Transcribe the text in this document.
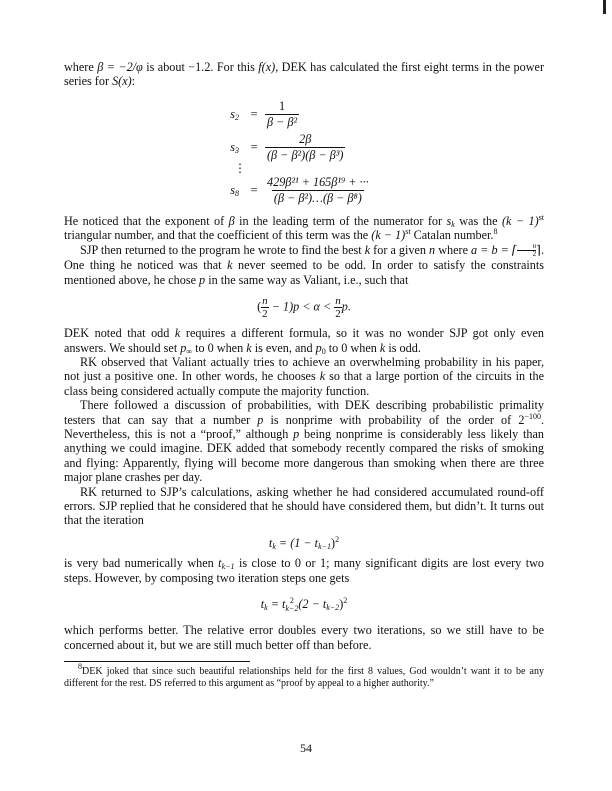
where β = −2/φ is about −1.2. For this f(x), DEK has calculated the first eight terms in the power series for S(x):

$s_2 = \frac{1}{\text{β − β²}}$
$s_3 = \frac{2\beta}{\text{(β − β²)(β − β³)}}$
⋮
$s_8 = \frac{\text{429β²¹ + 165β¹⁹ + ···}}{\text{(β − β²)…(β − β⁸)}}$

He noticed that the exponent of β in the leading term of the numerator for $s_k$ was the $(k - 1)^{st}$ triangular number, and that the coefficient of this term was the $(k - 1)^{st}$ Catalan number.$^8$

SJP then returned to the program he wrote to find the best k for a given n where a = b = ⌈ $\frac{n}{2}$ ⌉. One thing he noticed was that k never seemed to be odd. In order to satisfy the constraints mentioned above, he chose p in the same way as Valiant, i.e., such that

( $\frac{n}{2} - 1)p < \alpha < \frac{n}{2} p$.

DEK noted that odd k requires a different formula, so it was no wonder SJP got only even answers. We should set $p_\infty$ to 0 when k is even, and $p_0$ to 0 when k is odd.

RK observed that Valiant actually tries to achieve an overwhelming probability in his paper, not just a positive one. In other words, he chooses k so that a large portion of the circuits in the class being considered actually compute the majority function.

There followed a discussion of probabilities, with DEK describing probabilistic primality testers that can say that a number p is nonprime with probability of the order of $2^{-100}$. Nevertheless, this is not a “proof,” although p being nonprime is considerably less likely than anything we could imagine. DEK added that somebody recently compared the risks of smoking and flying: Apparently, flying will become more dangerous than smoking when there are three major plane crashes per day.

RK returned to SJP’s calculations, asking whether he had considered accumulated round-off errors. SJP replied that he considered that he should have considered them, but didn’t. It turns out that the iteration

$t_k = (1 - t_{k-1})^2$

is very bad numerically when $t_{k-1}$ is close to 0 or 1; many significant digits are lost every two steps. However, by composing two iteration steps one gets

$t_k = t$ 2
k−2 $(2 - t_{k-2})^2$

which performs better. The relative error doubles every two iterations, so we still have to be concerned about it, but we are still much better off than before.

$^8$DEK joked that since such beautiful relationships held for the first 8 values, God wouldn’t want it to be any different for the rest. DS referred to this argument as “proof by appeal to a higher authority.”

54
